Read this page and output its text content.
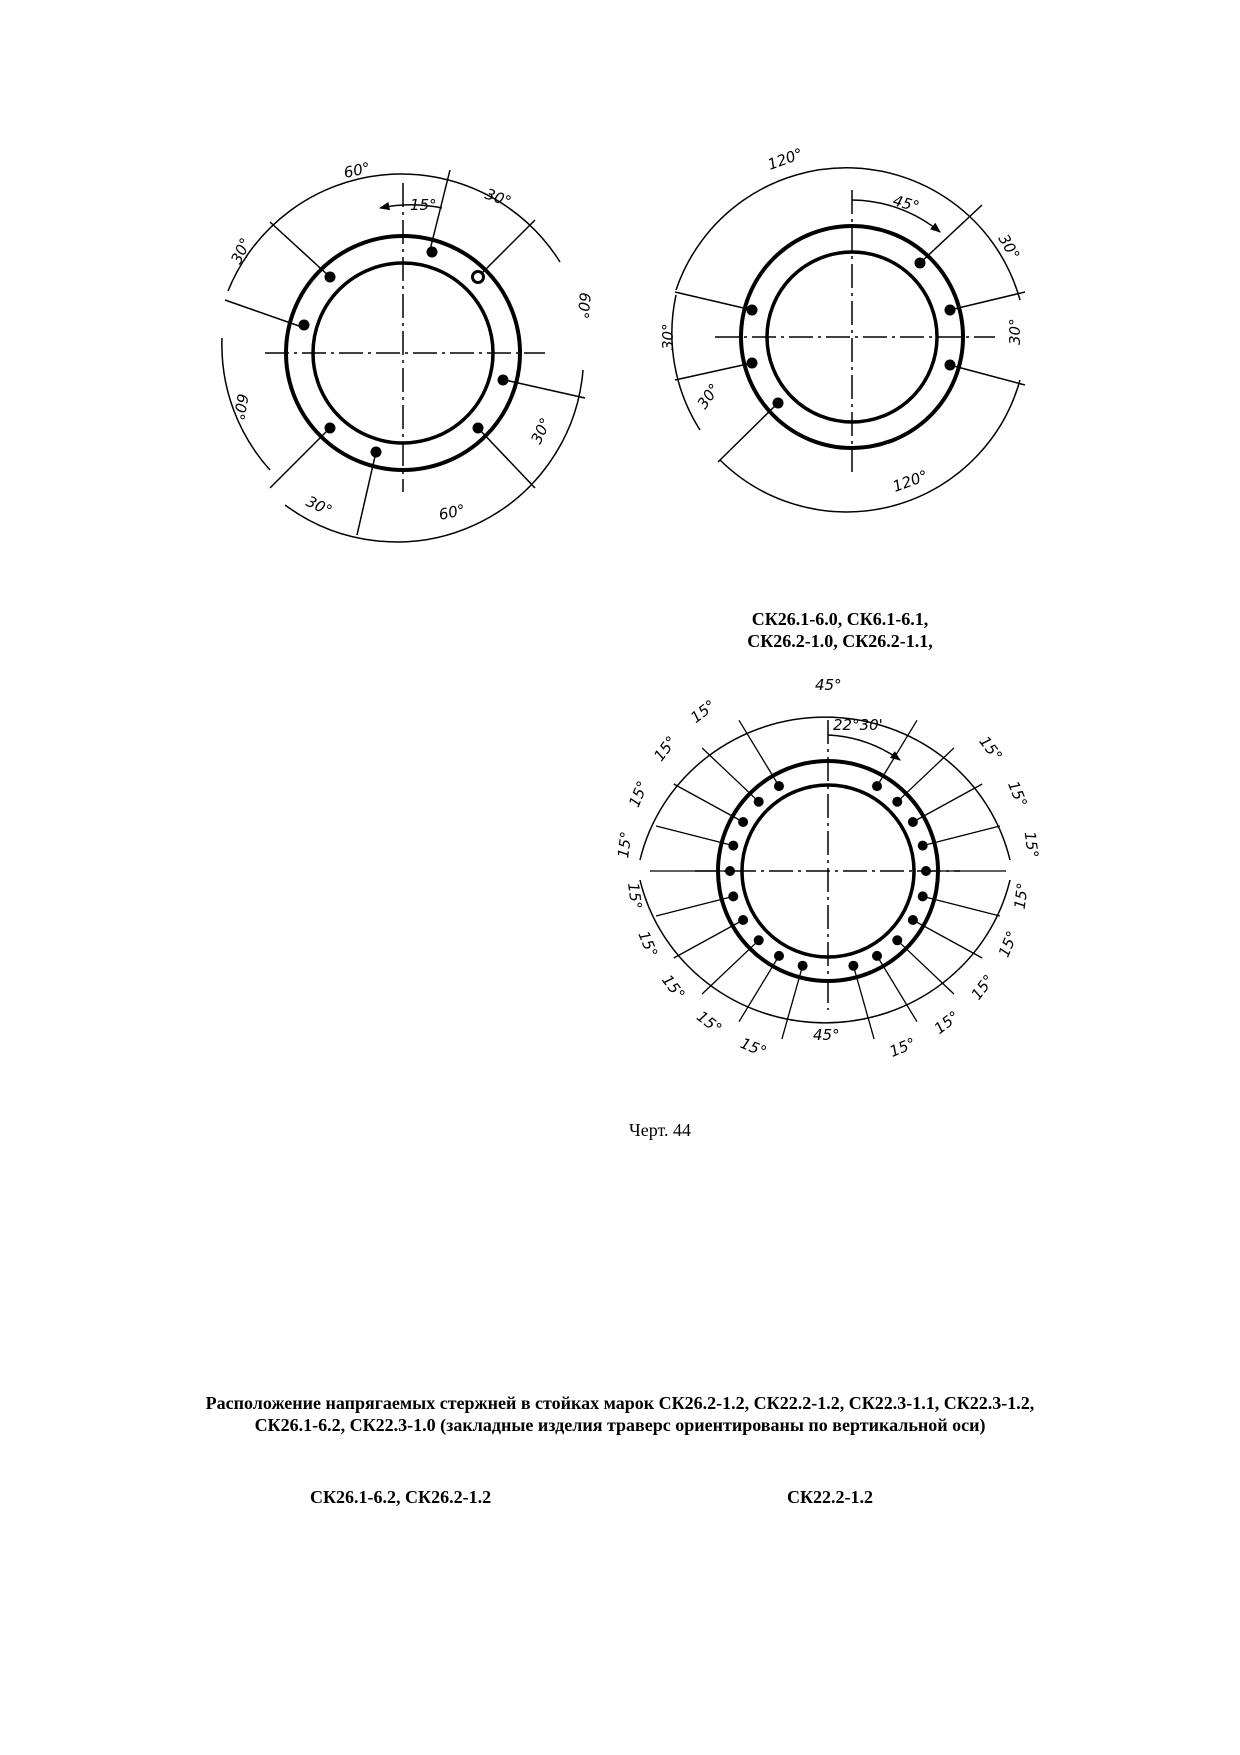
60°
15°	30°
30°
60°
60°
30°
30°	60°
120°
45°
30°
30°
30°
30°
120°
45°
22°30'
45°
15°
15°
15°
15°
15°
15°
15°
15°
15°
15°
15°
15°
15°
15°
15°
15°
15°
СК26.1-6.0, СК6.1-6.1,
СК26.2-1.0, СК26.2-1.1,
Черт. 44
Расположение напрягаемых стержней в стойках марок СК26.2-1.2, СК22.2-1.2, СК22.3-1.1, СК22.3-1.2, СК26.1-6.2, СК22.3-1.0 (закладные изделия траверс ориентированы по вертикальной оси)
СК26.1-6.2, СК26.2-1.2	СК22.2-1.2
